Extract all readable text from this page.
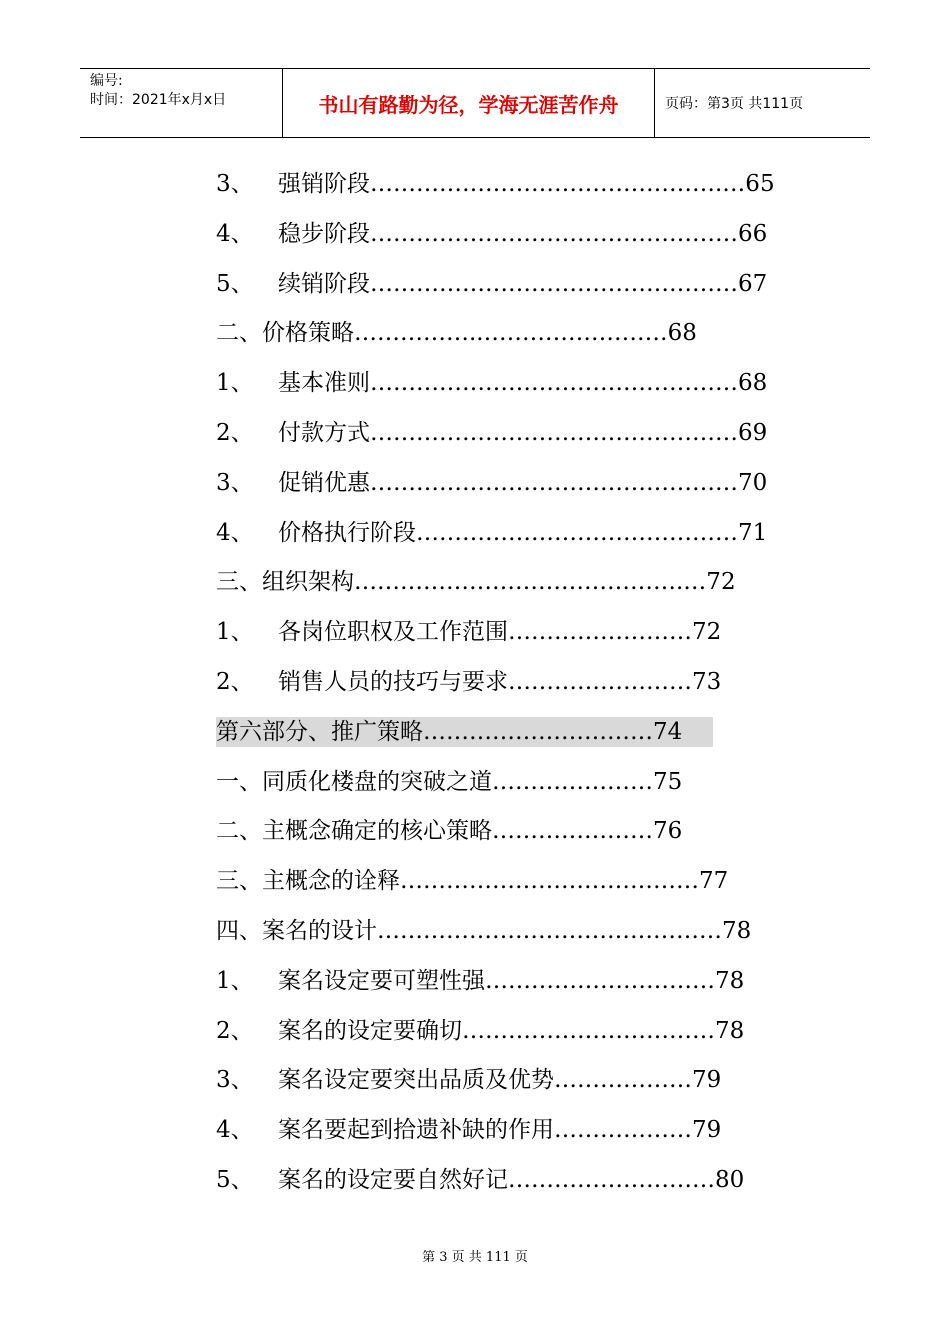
编号:
时间：2021年x月x日	书山有路勤为径，学海无涯苦作舟	页码：第3页 共111页
3、 强销阶段……………………………………….…65
4、 稳步阶段…………………………………………66
5、 续销阶段…………………………………………67
二、价格策略……………..……………………68
1、 基本准则…………………………………………68
2、 付款方式…………………………………………69
3、 促销优惠…………………………………………70
4、 价格执行阶段……………………………………71
三、组织架构…………………………………….…72
1、 各岗位职权及工作范围……………………72
2、 销售人员的技巧与要求……………………73
第六部分、推广策略…………………………74
一、同质化楼盘的突破之道…………………75
二、主概念确定的核心策略…………………76
三、主概念的诠释…………………………………77
四、案名的设计………………………………………78
1、 案名设定要可塑性强…………………………78
2、 案名的设定要确切……………………………78
3、 案名设定要突出品质及优势………………79
4、 案名要起到拾遗补缺的作用………………79
5、 案名的设定要自然好记………………………80
第 3 页 共 111 页
